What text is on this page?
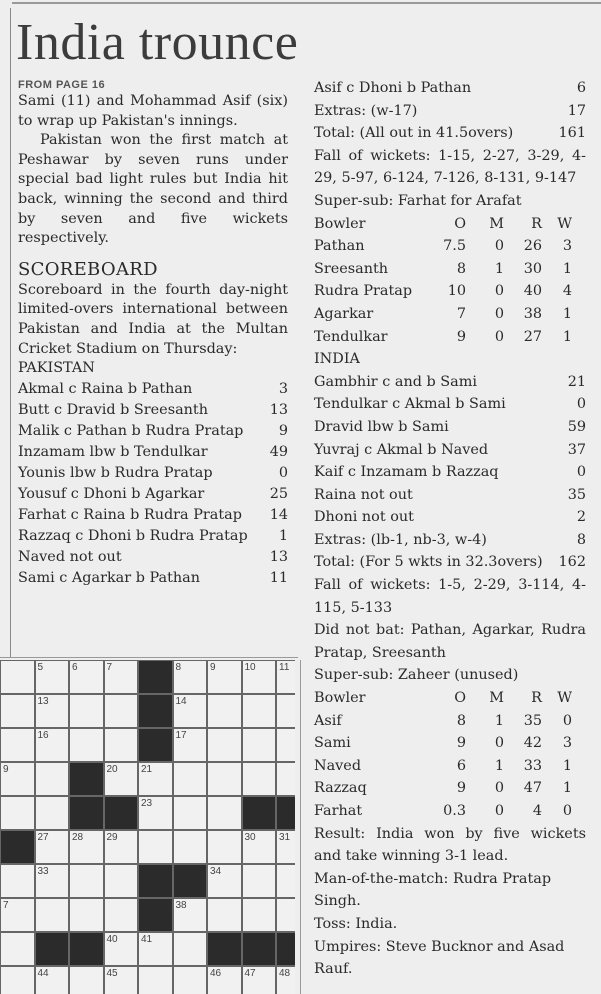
India trounce

FROM PAGE 16

Sami (11) and Mohammad Asif (six) to wrap up Pakistan's innings.

Pakistan won the first match at Peshawar by seven runs under special bad light rules but India hit back, winning the second and third by seven and five wickets respectively.

SCOREBOARD

Scoreboard in the fourth day-night limited-overs international between Pakistan and India at the Multan Cricket Stadium on Thursday:

PAKISTAN

Akmal c Raina b Pathan	3
Butt c Dravid b Sreesanth	13
Malik c Pathan b Rudra Pratap 9
Inzamam lbw b Tendulkar	49
Younis lbw b Rudra Pratap	0
Yousuf c Dhoni b Agarkar	25
Farhat c Raina b Rudra Pratap 14
Razzaq c Dhoni b Rudra Pratap 1
Naved not out	13
Sami c Agarkar b Pathan	11
Asif c Dhoni b Pathan	6
Extras: (w-17)	17
Total: (All out in 41.5overs)	161

Fall of wickets: 1-15, 2-27, 3-29, 4-29, 5-97, 6-124, 7-126, 8-131, 9-147

Super-sub: Farhat for Arafat

Bowler	O	M	R	W
Pathan	7.5	0	26	3
Sreesanth	8	1	30	1
Rudra Pratap	10	0	40	4
Agarkar	7	0	38	1
Tendulkar	9	0	27	1

INDIA

Gambhir c and b Sami	21
Tendulkar c Akmal b Sami	0
Dravid lbw b Sami	59
Yuvraj c Akmal b Naved	37
Kaif c Inzamam b Razzaq	0
Raina not out	35
Dhoni not out	2
Extras: (lb-1, nb-3, w-4)	8
Total: (For 5 wkts in 32.3overs) 162

Fall of wickets: 1-5, 2-29, 3-114, 4-115, 5-133

Did not bat: Pathan, Agarkar, Rudra Pratap, Sreesanth

Super-sub: Zaheer (unused)

Bowler	O	M	R	W
Asif	8	1	35	0
Sami	9	0	42	3
Naved	6	1	33	1
Razzaq	9	0	47	1
Farhat	0.3	0	4	0

Result: India won by five wickets and take winning 3-1 lead.

Man-of-the-match: Rudra Pratap Singh.

Toss: India.

Umpires: Steve Bucknor and Asad Rauf.

5	6	7	8	9	10	11
13	14
16	17
9	20	21
23
27	28	29	30	31
33	34
7	38
40	41
44	45	46	47	48
